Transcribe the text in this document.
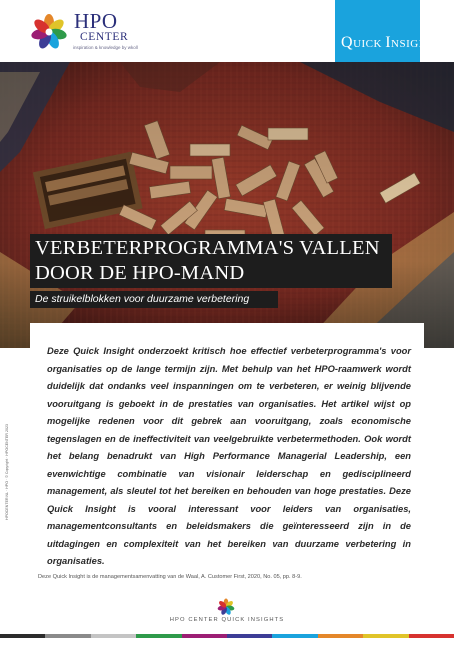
HPO
CENTER
inspiration & knowledge by wkoll	QUICK INSIGHTS
VERBETERPROGRAMMA'S VALLEN DOOR DE HPO-MAND
De struikelblokken voor duurzame verbetering

Deze Quick Insight onderzoekt kritisch hoe effectief verbeterprogramma's voor organisaties op de lange termijn zijn. Met behulp van het HPO-raamwerk wordt duidelijk dat ondanks veel inspanningen om te verbeteren, er weinig blijvende vooruitgang is geboekt in de prestaties van organisaties. Het artikel wijst op mogelijke redenen voor dit gebrek aan vooruitgang, zoals economische tegenslagen en de ineffectiviteit van veelgebruikte verbetermethoden. Ook wordt het belang benadrukt van High Performance Managerial Leadership, een evenwichtige combinatie van visionair leiderschap en gedisciplineerd management, als sleutel tot het bereiken en behouden van hoge prestaties. Deze Quick Insight is vooral interessant voor leiders van organisaties, managementconsultants en beleidsmakers die geïnteresseerd zijn in de uitdagingen en complexiteit van het bereiken van duurzame verbetering in organisaties.

Deze Quick Insight is de managementsamenvatting van de Waal, A. Customer First, 2020, No. 05, pp. 8-9.

HPOCENTER.NL · HPO · © Copyright · HPOCENTER 2023
HPO CENTER QUICK INSIGHTS
